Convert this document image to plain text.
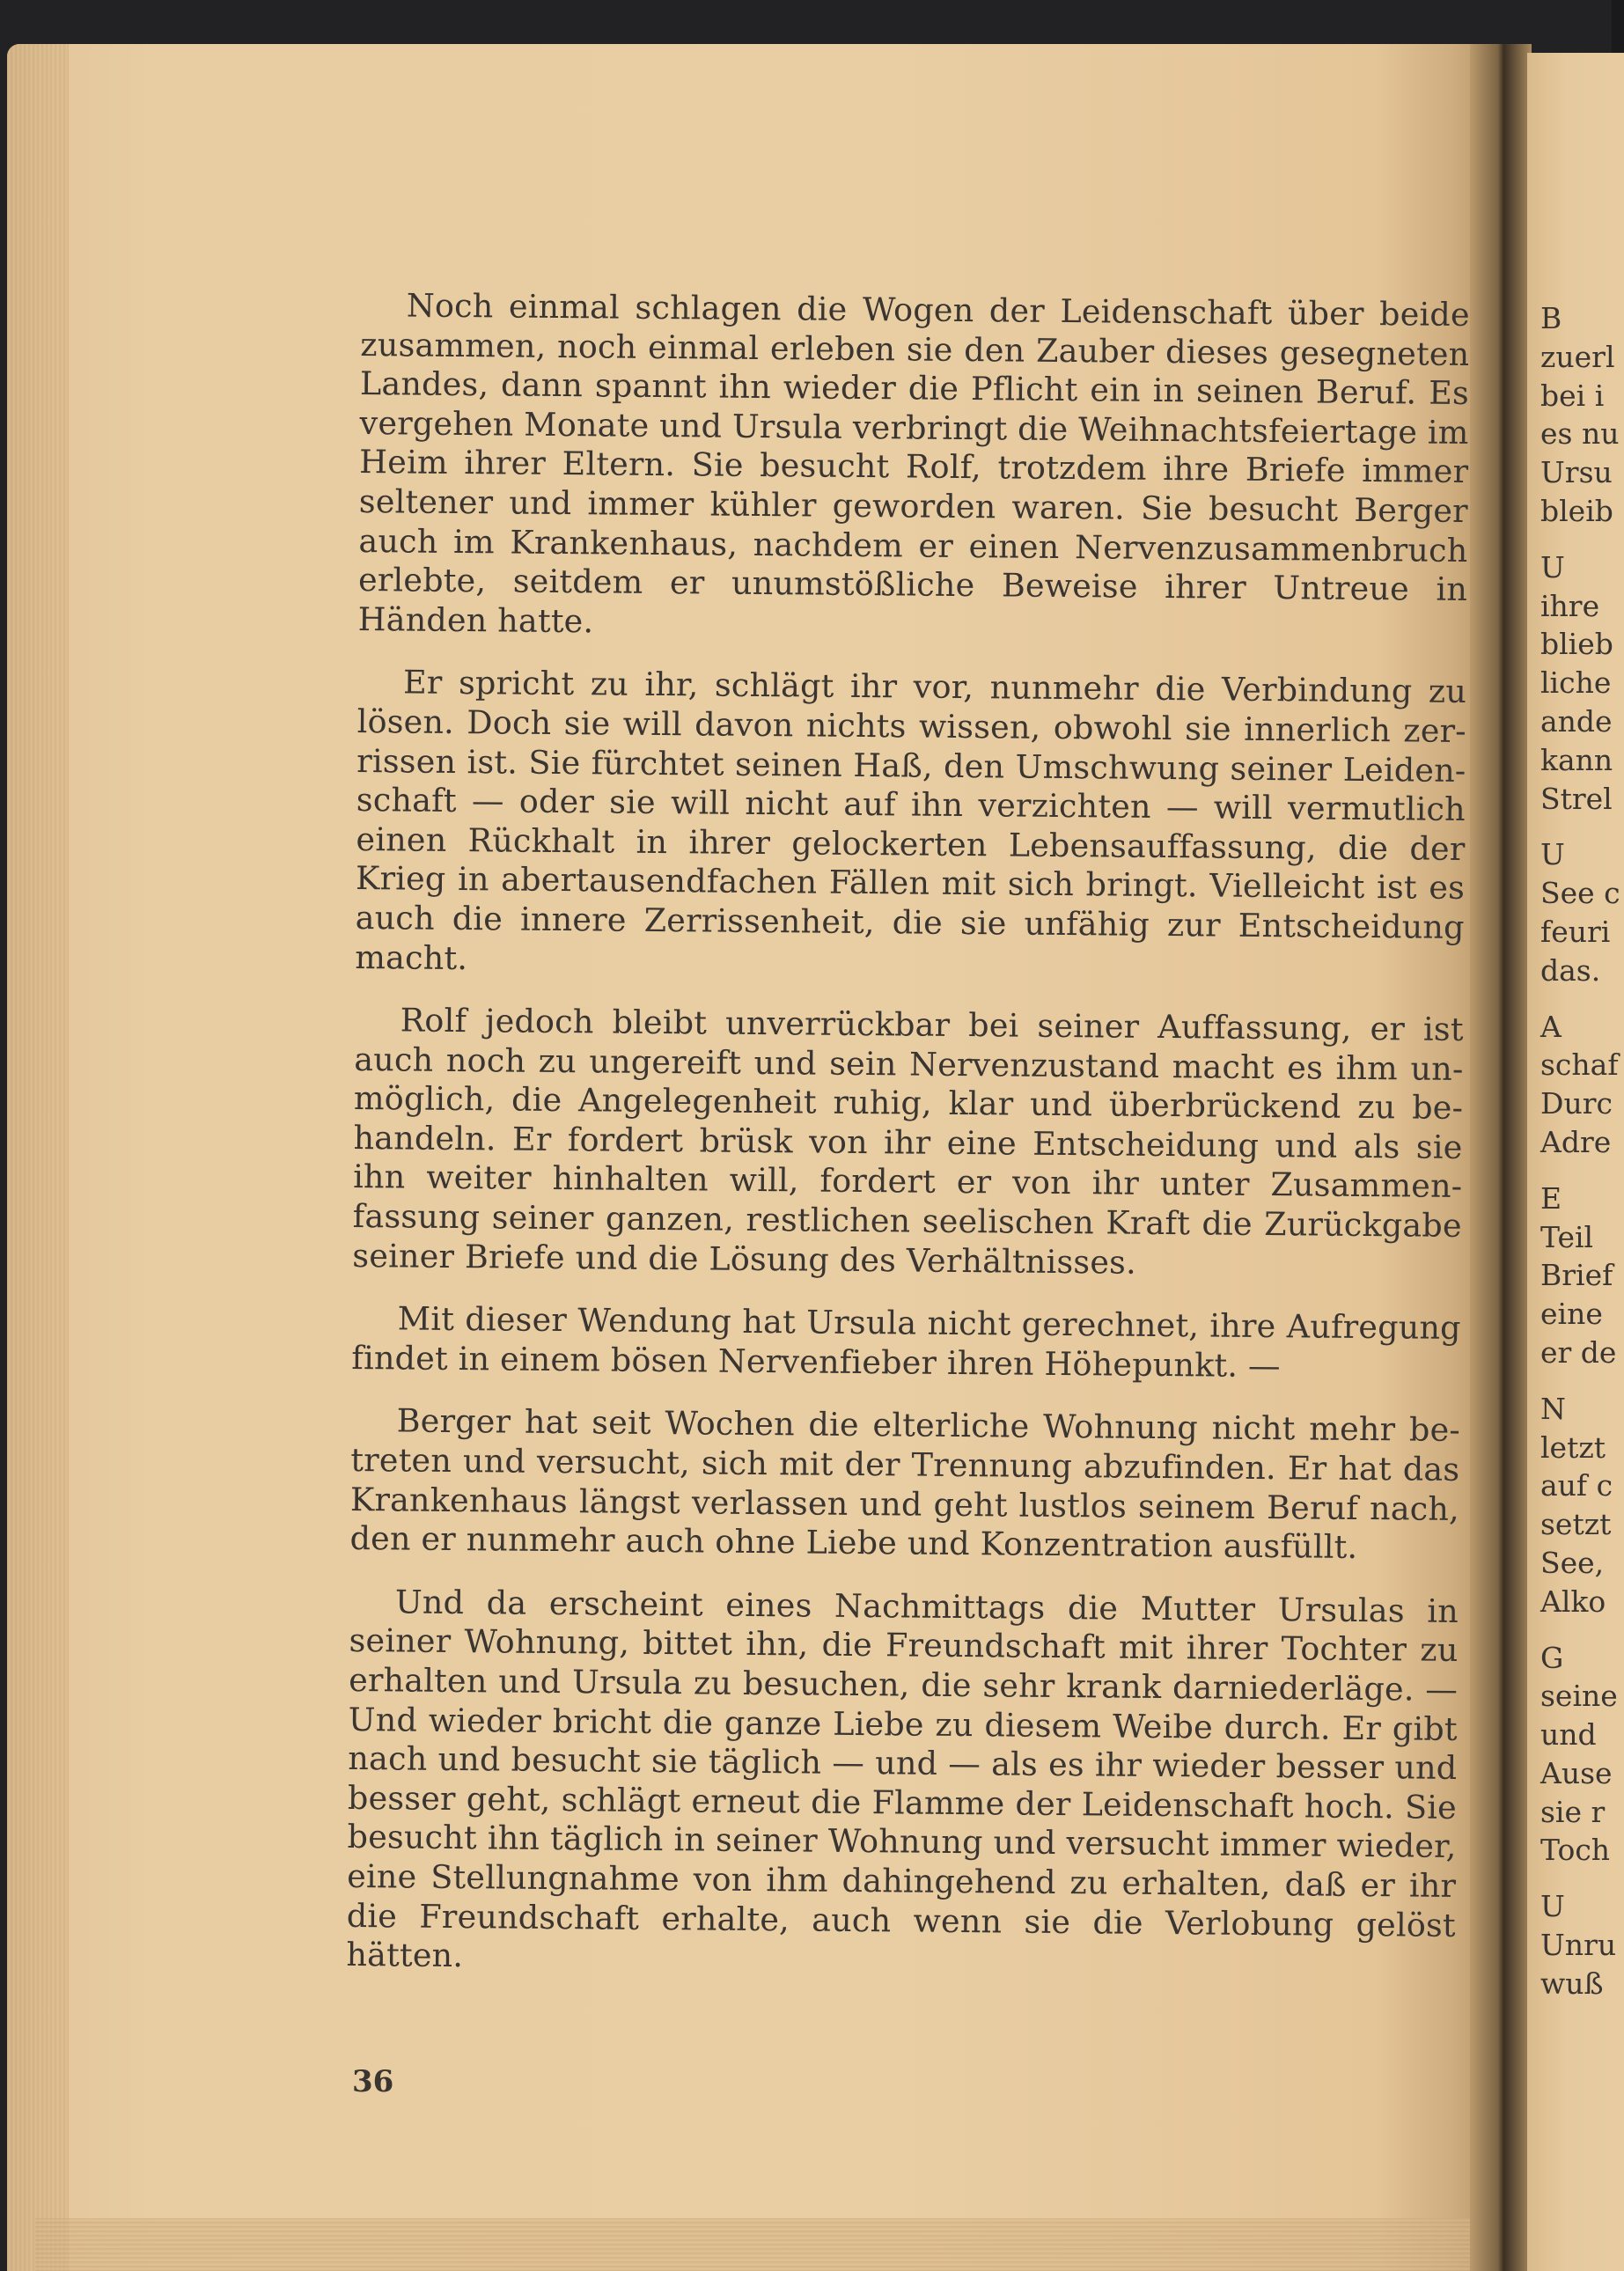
Noch einmal schlagen die Wogen der Leidenschaft über beide zusammen, noch einmal erleben sie den Zauber dieses gesegneten Landes, dann spannt ihn wieder die Pflicht ein in seinen Beruf. Es vergehen Monate und Ursula verbringt die Weihnachtsfeiertage im Heim ihrer Eltern. Sie besucht Rolf, trotzdem ihre Briefe immer seltener und immer kühler geworden waren. Sie besucht Berger auch im Krankenhaus, nachdem er einen Nervenzusammenbruch erlebte, seitdem er unumstößliche Beweise ihrer Untreue in Händen hatte.

Er spricht zu ihr, schlägt ihr vor, nunmehr die Verbindung zu lösen. Doch sie will davon nichts wissen, obwohl sie innerlich zerrissen ist. Sie fürchtet seinen Haß, den Umschwung seiner Leidenschaft — oder sie will nicht auf ihn verzichten — will vermutlich einen Rückhalt in ihrer gelockerten Lebensauffassung, die der Krieg in abertausendfachen Fällen mit sich bringt. Vielleicht ist es auch die innere Zerrissenheit, die sie unfähig zur Entscheidung macht.

Rolf jedoch bleibt unverrückbar bei seiner Auffassung, er ist auch noch zu ungereift und sein Nervenzustand macht es ihm unmöglich, die Angelegenheit ruhig, klar und überbrückend zu behandeln. Er fordert brüsk von ihr eine Entscheidung und als sie ihn weiter hinhalten will, fordert er von ihr unter Zusammenfassung seiner ganzen, restlichen seelischen Kraft die Zurückgabe seiner Briefe und die Lösung des Verhältnisses.

Mit dieser Wendung hat Ursula nicht gerechnet, ihre Aufregung findet in einem bösen Nervenfieber ihren Höhepunkt. —

Berger hat seit Wochen die elterliche Wohnung nicht mehr betreten und versucht, sich mit der Trennung abzufinden. Er hat das Krankenhaus längst verlassen und geht lustlos seinem Beruf nach, den er nunmehr auch ohne Liebe und Konzentration ausfüllt.

Und da erscheint eines Nachmittags die Mutter Ursulas in seiner Wohnung, bittet ihn, die Freundschaft mit ihrer Tochter zu erhalten und Ursula zu besuchen, die sehr krank darniederläge. — Und wieder bricht die ganze Liebe zu diesem Weibe durch. Er gibt nach und besucht sie täglich — und — als es ihr wieder besser und besser geht, schlägt erneut die Flamme der Leidenschaft hoch. Sie besucht ihn täglich in seiner Wohnung und versucht immer wieder, eine Stellungnahme von ihm dahingehend zu erhalten, daß er ihr die Freundschaft erhalte, auch wenn sie die Verlobung gelöst hätten.

36
B
zuerl
bei i
es nu
Ursu
bleib
U
ihre
blieb
liche
ande
kann
Strel
U
See c
feuri
das.
A
schaf
Durc
Adre
E
Teil
Brief
eine
er de
N
letzt
auf c
setzt
See,
Alko
G
seine
und
Ause
sie r
Toch
U
Unru
wuß
